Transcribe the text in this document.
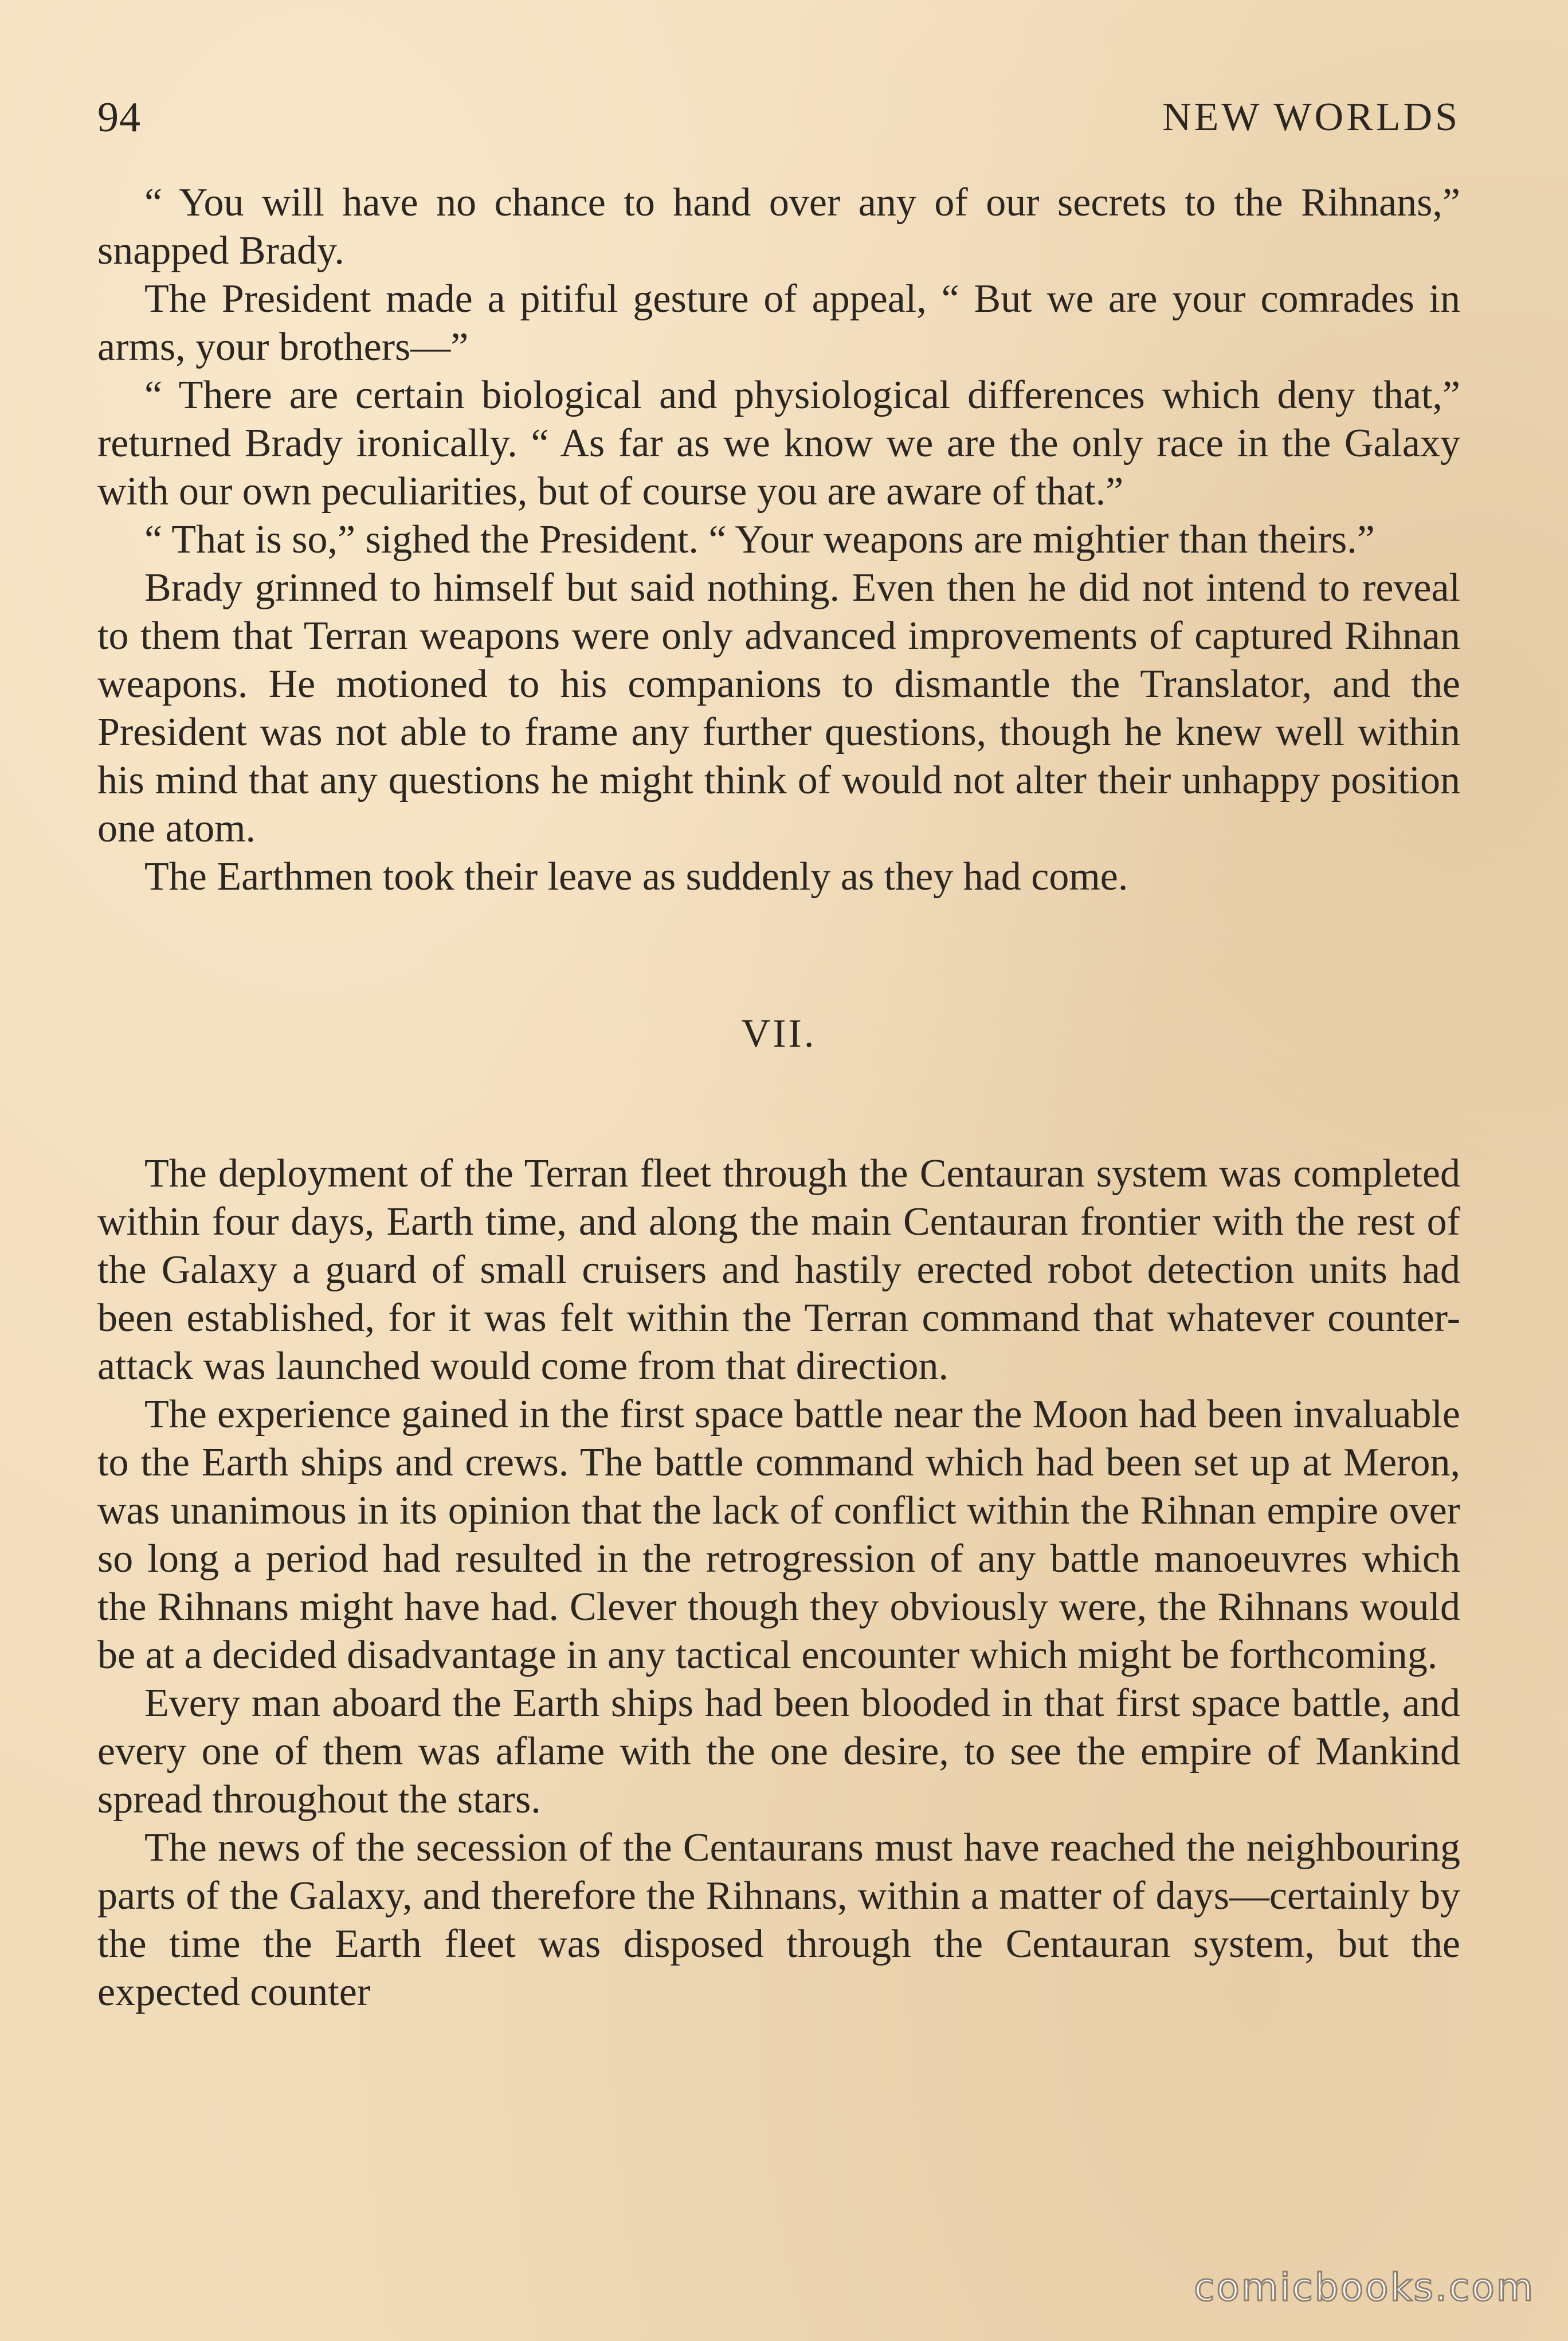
94	NEW WORLDS

“ You will have no chance to hand over any of our secrets to the Rihnans,” snapped Brady.

The President made a pitiful gesture of appeal, “ But we are your comrades in arms, your brothers—”

“ There are certain biological and physiological differences which deny that,” returned Brady ironically. “ As far as we know we are the only race in the Galaxy with our own peculiarities, but of course you are aware of that.”

“ That is so,” sighed the President. “ Your weapons are mightier than theirs.”

Brady grinned to himself but said nothing. Even then he did not intend to reveal to them that Terran weapons were only advanced improvements of captured Rihnan weapons. He motioned to his companions to dismantle the Translator, and the President was not able to frame any further questions, though he knew well within his mind that any questions he might think of would not alter their unhappy position one atom.

The Earthmen took their leave as suddenly as they had come.

VII.

The deployment of the Terran fleet through the Centauran system was completed within four days, Earth time, and along the main Centauran frontier with the rest of the Galaxy a guard of small cruisers and hastily erected robot detection units had been established, for it was felt within the Terran command that whatever counter-attack was launched would come from that direction.

The experience gained in the first space battle near the Moon had been invaluable to the Earth ships and crews. The battle command which had been set up at Meron, was unanimous in its opinion that the lack of conflict within the Rihnan empire over so long a period had resulted in the retrogression of any battle manoeuvres which the Rihnans might have had. Clever though they obviously were, the Rihnans would be at a decided disadvantage in any tactical encounter which might be forthcoming.

Every man aboard the Earth ships had been blooded in that first space battle, and every one of them was aflame with the one desire, to see the empire of Mankind spread throughout the stars.

The news of the secession of the Centaurans must have reached the neighbouring parts of the Galaxy, and therefore the Rihnans, within a matter of days—certainly by the time the Earth fleet was disposed through the Centauran system, but the expected counter

comicbooks.com
